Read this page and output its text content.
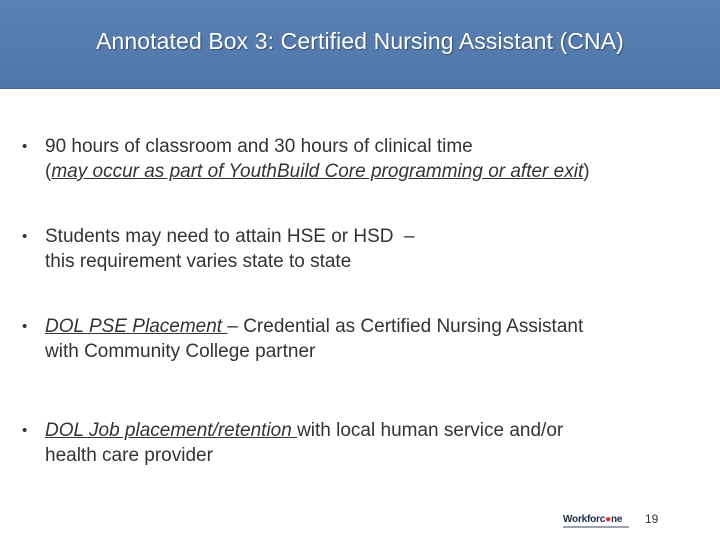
Annotated Box 3: Certified Nursing Assistant (CNA)
• 90 hours of classroom and 30 hours of clinical time
(may occur as part of YouthBuild Core programming or after exit)
• Students may need to attain HSE or HSD  –
this requirement varies state to state
• DOL PSE Placement – Credential as Certified Nursing Assistant
with Community College partner
• DOL Job placement/retention with local human service and/or
health care provider
Workforc●ne 19
